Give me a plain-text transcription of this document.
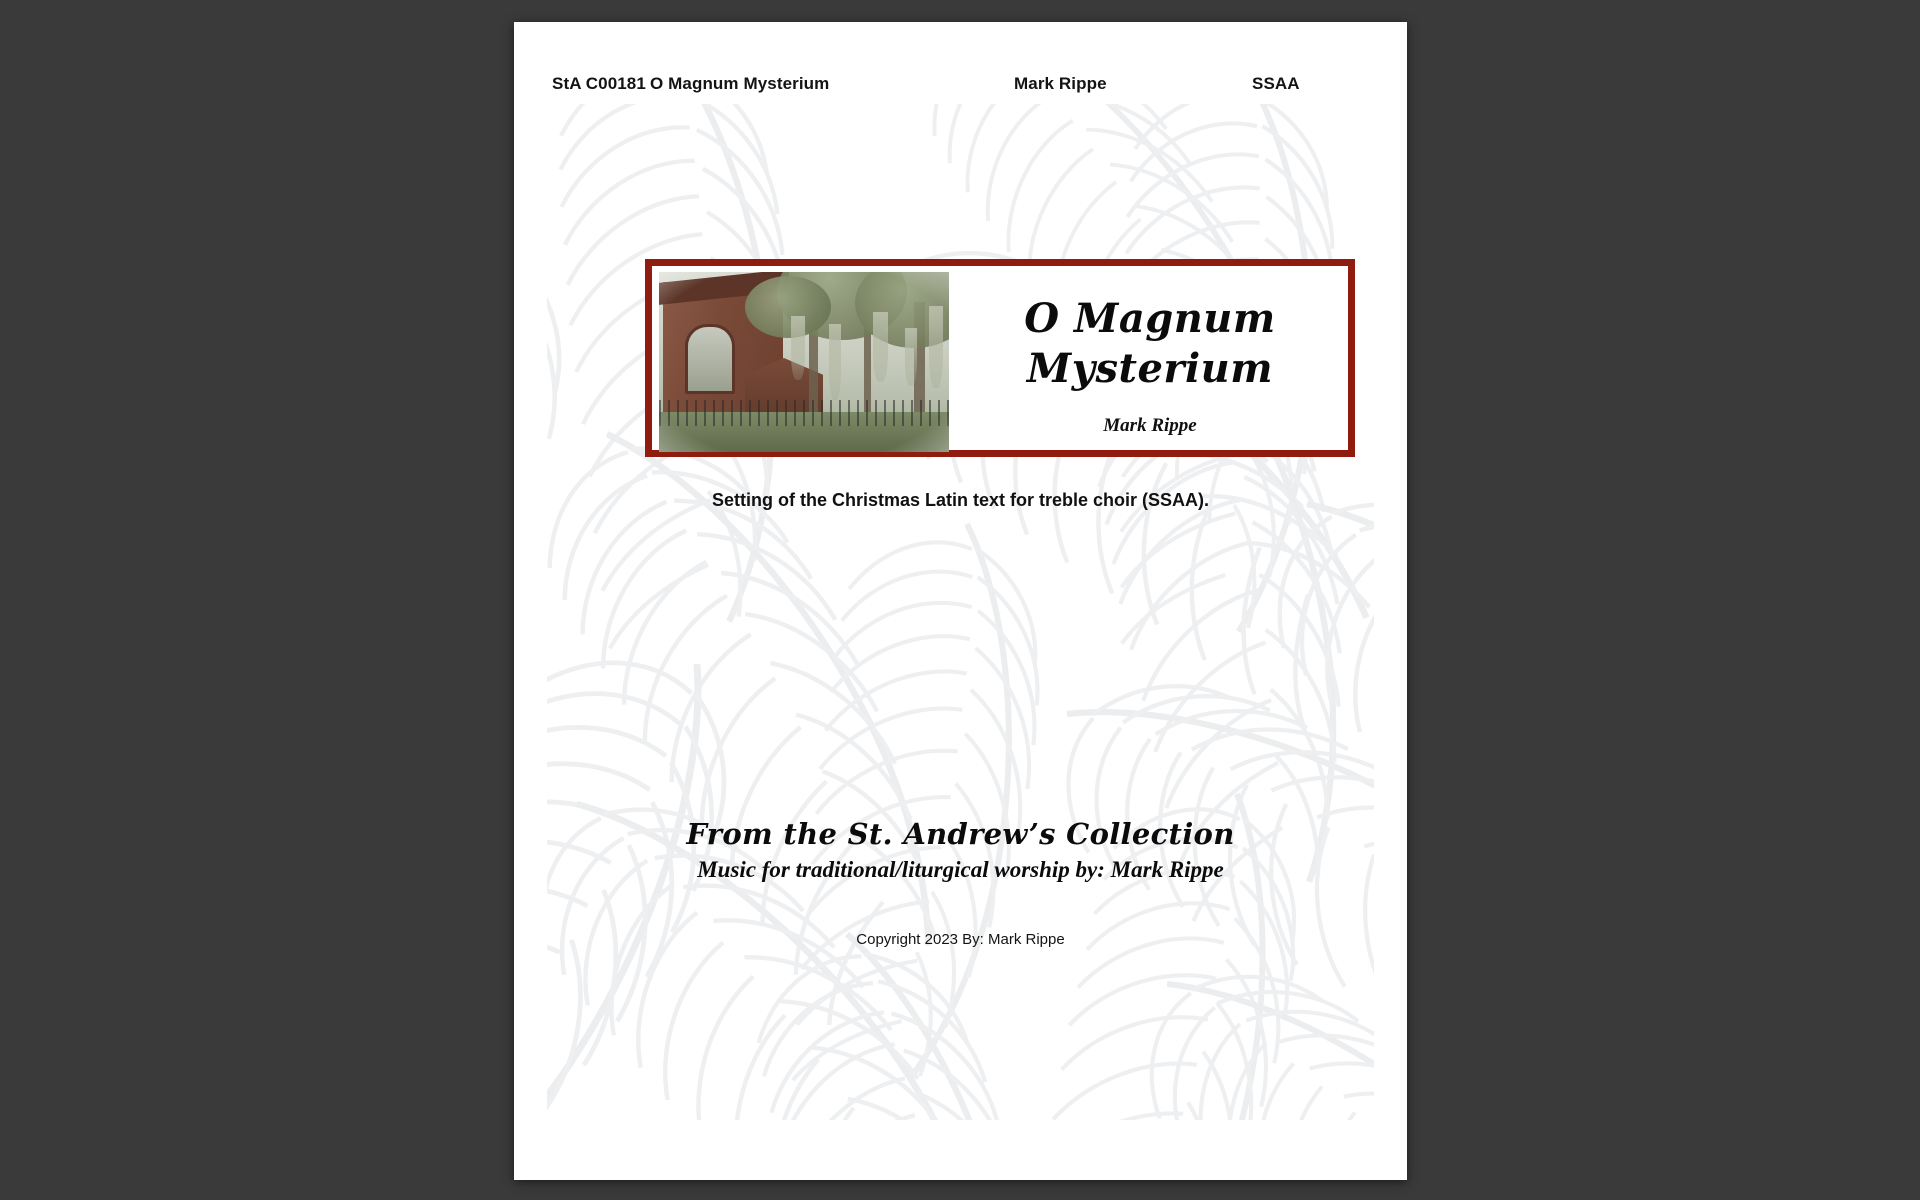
StA C00181 O Magnum Mysterium	Mark Rippe	SSAA
O Magnum
Mysterium
Mark Rippe
Setting of the Christmas Latin text for treble choir (SSAA).
From the St. Andrew’s Collection
Music for traditional/liturgical worship by: Mark Rippe
Copyright 2023 By: Mark Rippe
